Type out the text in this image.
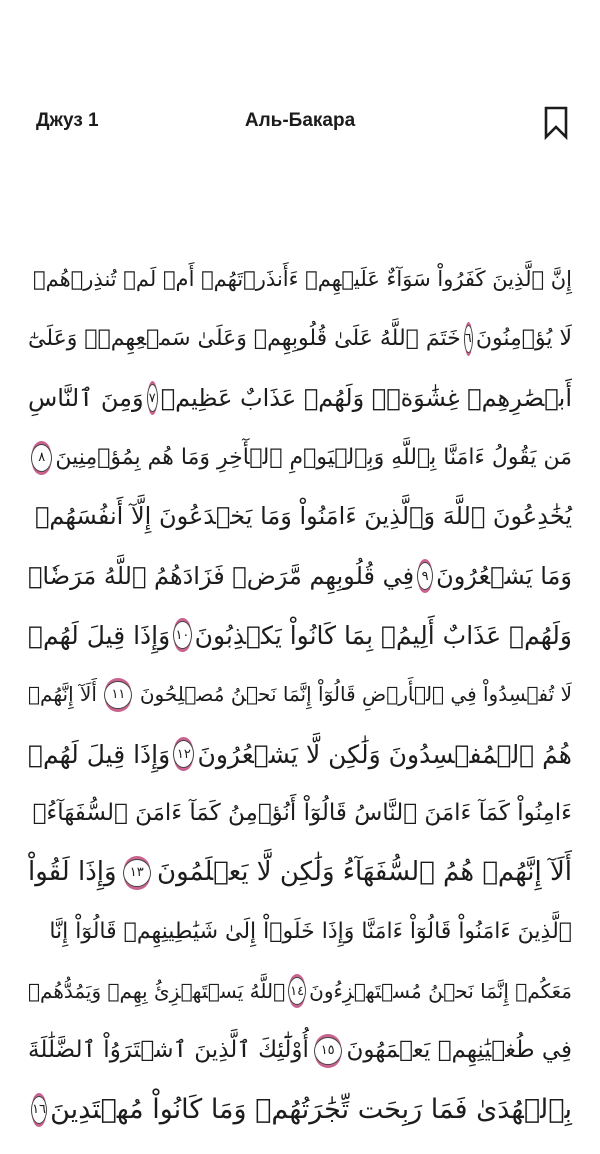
Джуз 1	Аль-Бакара
إِنَّ ٱلَّذِينَ كَفَرُواْ سَوَآءٌ عَلَيۡهِمۡ ءَأَنذَرۡتَهُمۡ أَمۡ لَمۡ تُنذِرۡهُمۡ
لَا يُؤۡمِنُونَ
٦
خَتَمَ ٱللَّهُ عَلَىٰ قُلُوبِهِمۡ وَعَلَىٰ سَمۡعِهِمۡۖ وَعَلَىٰٓ
أَبۡصَٰرِهِمۡ غِشَٰوَةٞۖ وَلَهُمۡ عَذَابٌ عَظِيمٞ
٧
وَمِنَ ٱلنَّاسِ
مَن يَقُولُ ءَامَنَّا بِٱللَّهِ وَبِٱلۡيَوۡمِ ٱلۡأٓخِرِ وَمَا هُم بِمُؤۡمِنِينَ
٨
يُخَٰدِعُونَ ٱللَّهَ وَٱلَّذِينَ ءَامَنُواْ وَمَا يَخۡدَعُونَ إِلَّآ أَنفُسَهُمۡ
وَمَا يَشۡعُرُونَ
٩
فِي قُلُوبِهِم مَّرَضٞ فَزَادَهُمُ ٱللَّهُ مَرَضٗاۖ
وَلَهُمۡ عَذَابٌ أَلِيمُۢ بِمَا كَانُواْ يَكۡذِبُونَ
١٠
وَإِذَا قِيلَ لَهُمۡ
لَا تُفۡسِدُواْ فِي ٱلۡأَرۡضِ قَالُوٓاْ إِنَّمَا نَحۡنُ مُصۡلِحُونَ
١١
أَلَآ إِنَّهُمۡ
هُمُ ٱلۡمُفۡسِدُونَ وَلَٰكِن لَّا يَشۡعُرُونَ
١٢
وَإِذَا قِيلَ لَهُمۡ
ءَامِنُواْ كَمَآ ءَامَنَ ٱلنَّاسُ قَالُوٓاْ أَنُؤۡمِنُ كَمَآ ءَامَنَ ٱلسُّفَهَآءُۗ
أَلَآ إِنَّهُمۡ هُمُ ٱلسُّفَهَآءُ وَلَٰكِن لَّا يَعۡلَمُونَ
١٣
وَإِذَا لَقُواْ
ٱلَّذِينَ ءَامَنُواْ قَالُوٓاْ ءَامَنَّا وَإِذَا خَلَوۡاْ إِلَىٰ شَيَٰطِينِهِمۡ قَالُوٓاْ إِنَّا
مَعَكُمۡ إِنَّمَا نَحۡنُ مُسۡتَهۡزِءُونَ
١٤
ٱللَّهُ يَسۡتَهۡزِئُ بِهِمۡ وَيَمُدُّهُمۡ
فِي طُغۡيَٰنِهِمۡ يَعۡمَهُونَ
١٥
أُوْلَٰٓئِكَ ٱلَّذِينَ ٱشۡتَرَوُاْ ٱلضَّلَٰلَةَ
بِٱلۡهُدَىٰ فَمَا رَبِحَت تِّجَٰرَتُهُمۡ وَمَا كَانُواْ مُهۡتَدِينَ
١٦
